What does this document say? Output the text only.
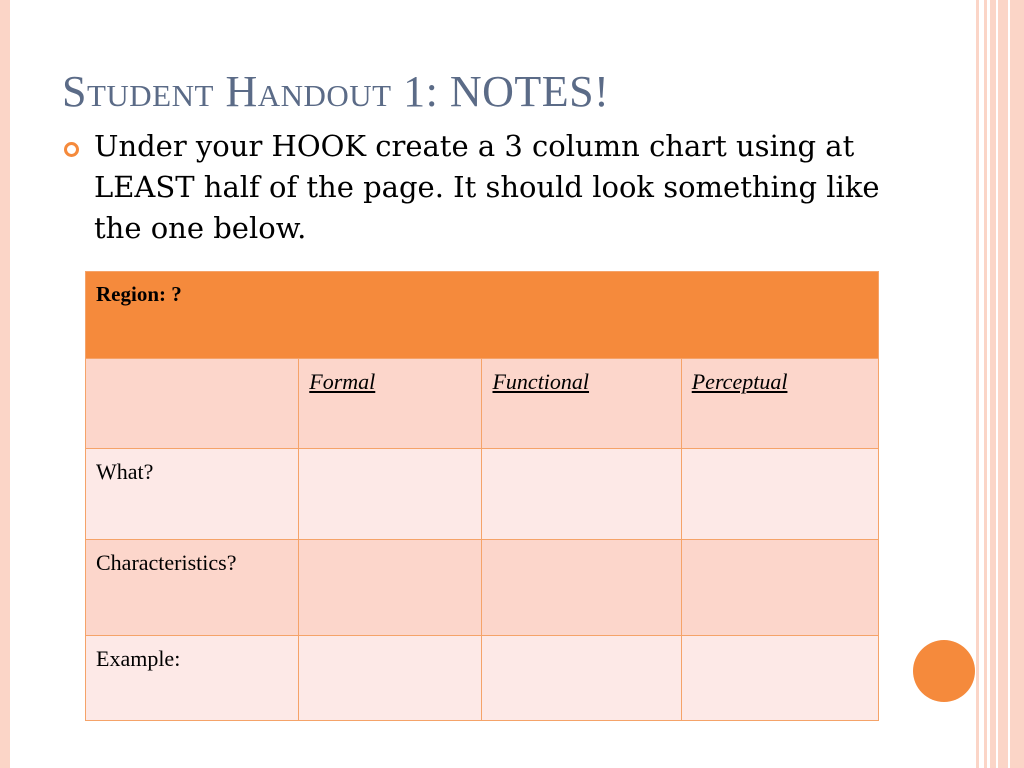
Student Handout 1: NOTES!
Under your HOOK create a 3 column chart using at LEAST half of the page. It should look something like the one below.
Region: ?			
	Formal	Functional	Perceptual
What?			
Characteristics?			
Example:			
